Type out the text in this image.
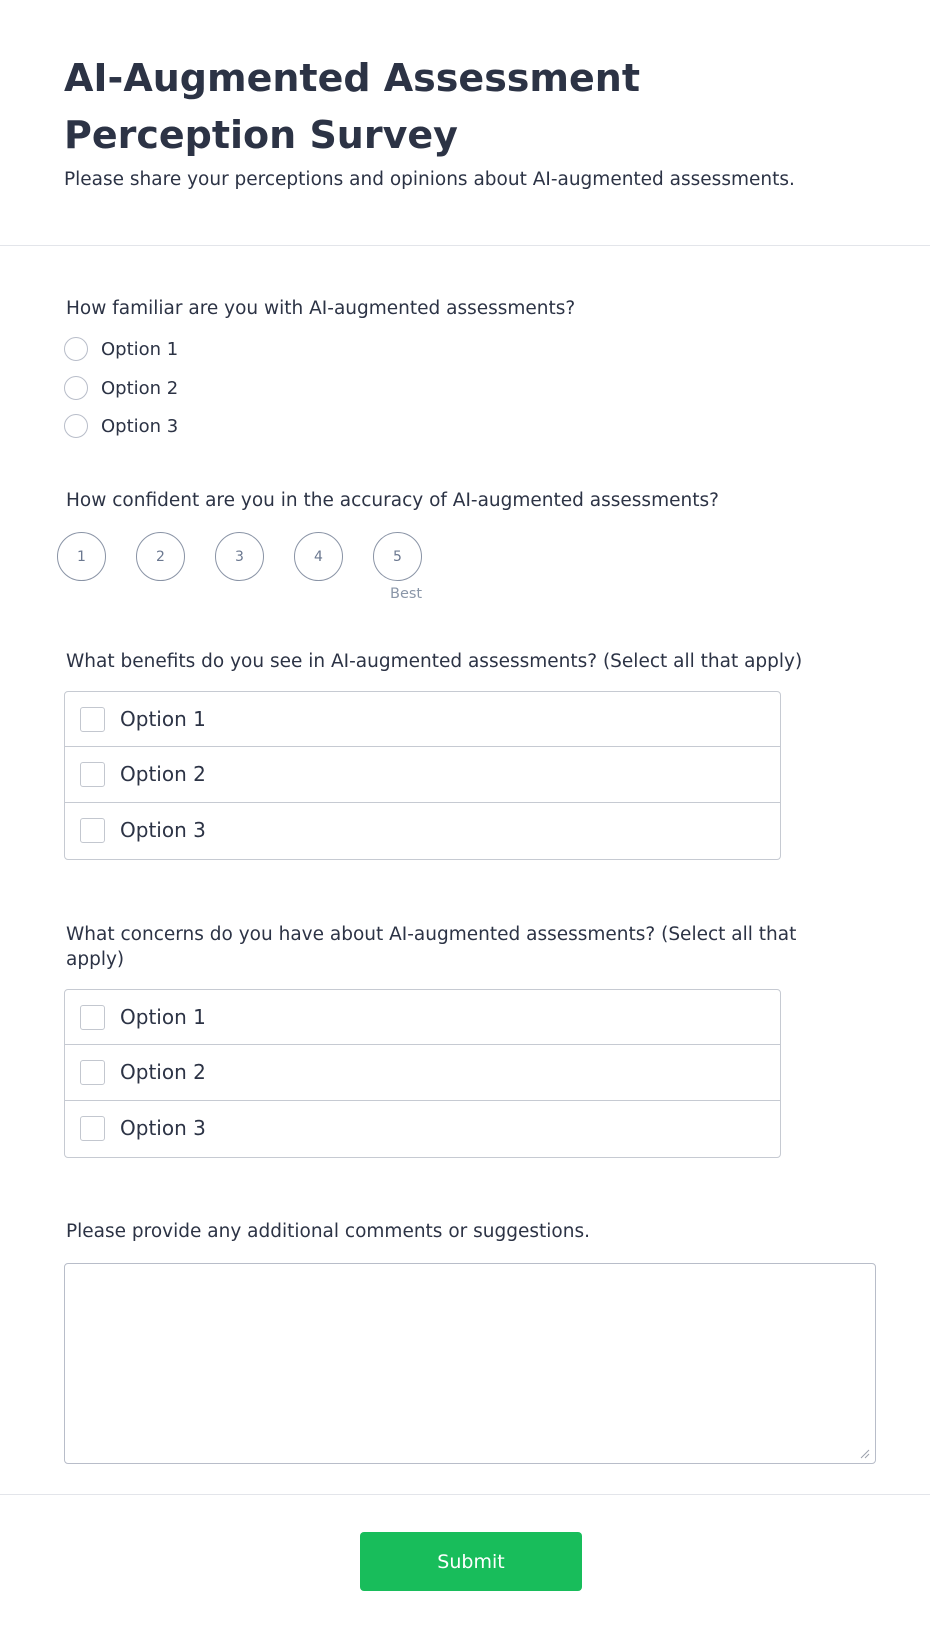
AI-Augmented Assessment Perception Survey

Please share your perceptions and opinions about AI-augmented assessments.

How familiar are you with AI-augmented assessments?
Option 1
Option 2
Option 3
How confident are you in the accuracy of AI-augmented assessments?
1	2	3	4	5
Best
What benefits do you see in AI-augmented assessments? (Select all that apply)
Option 1
Option 2
Option 3
What concerns do you have about AI-augmented assessments? (Select all that apply)
Option 1
Option 2
Option 3
Please provide any additional comments or suggestions.
Submit
